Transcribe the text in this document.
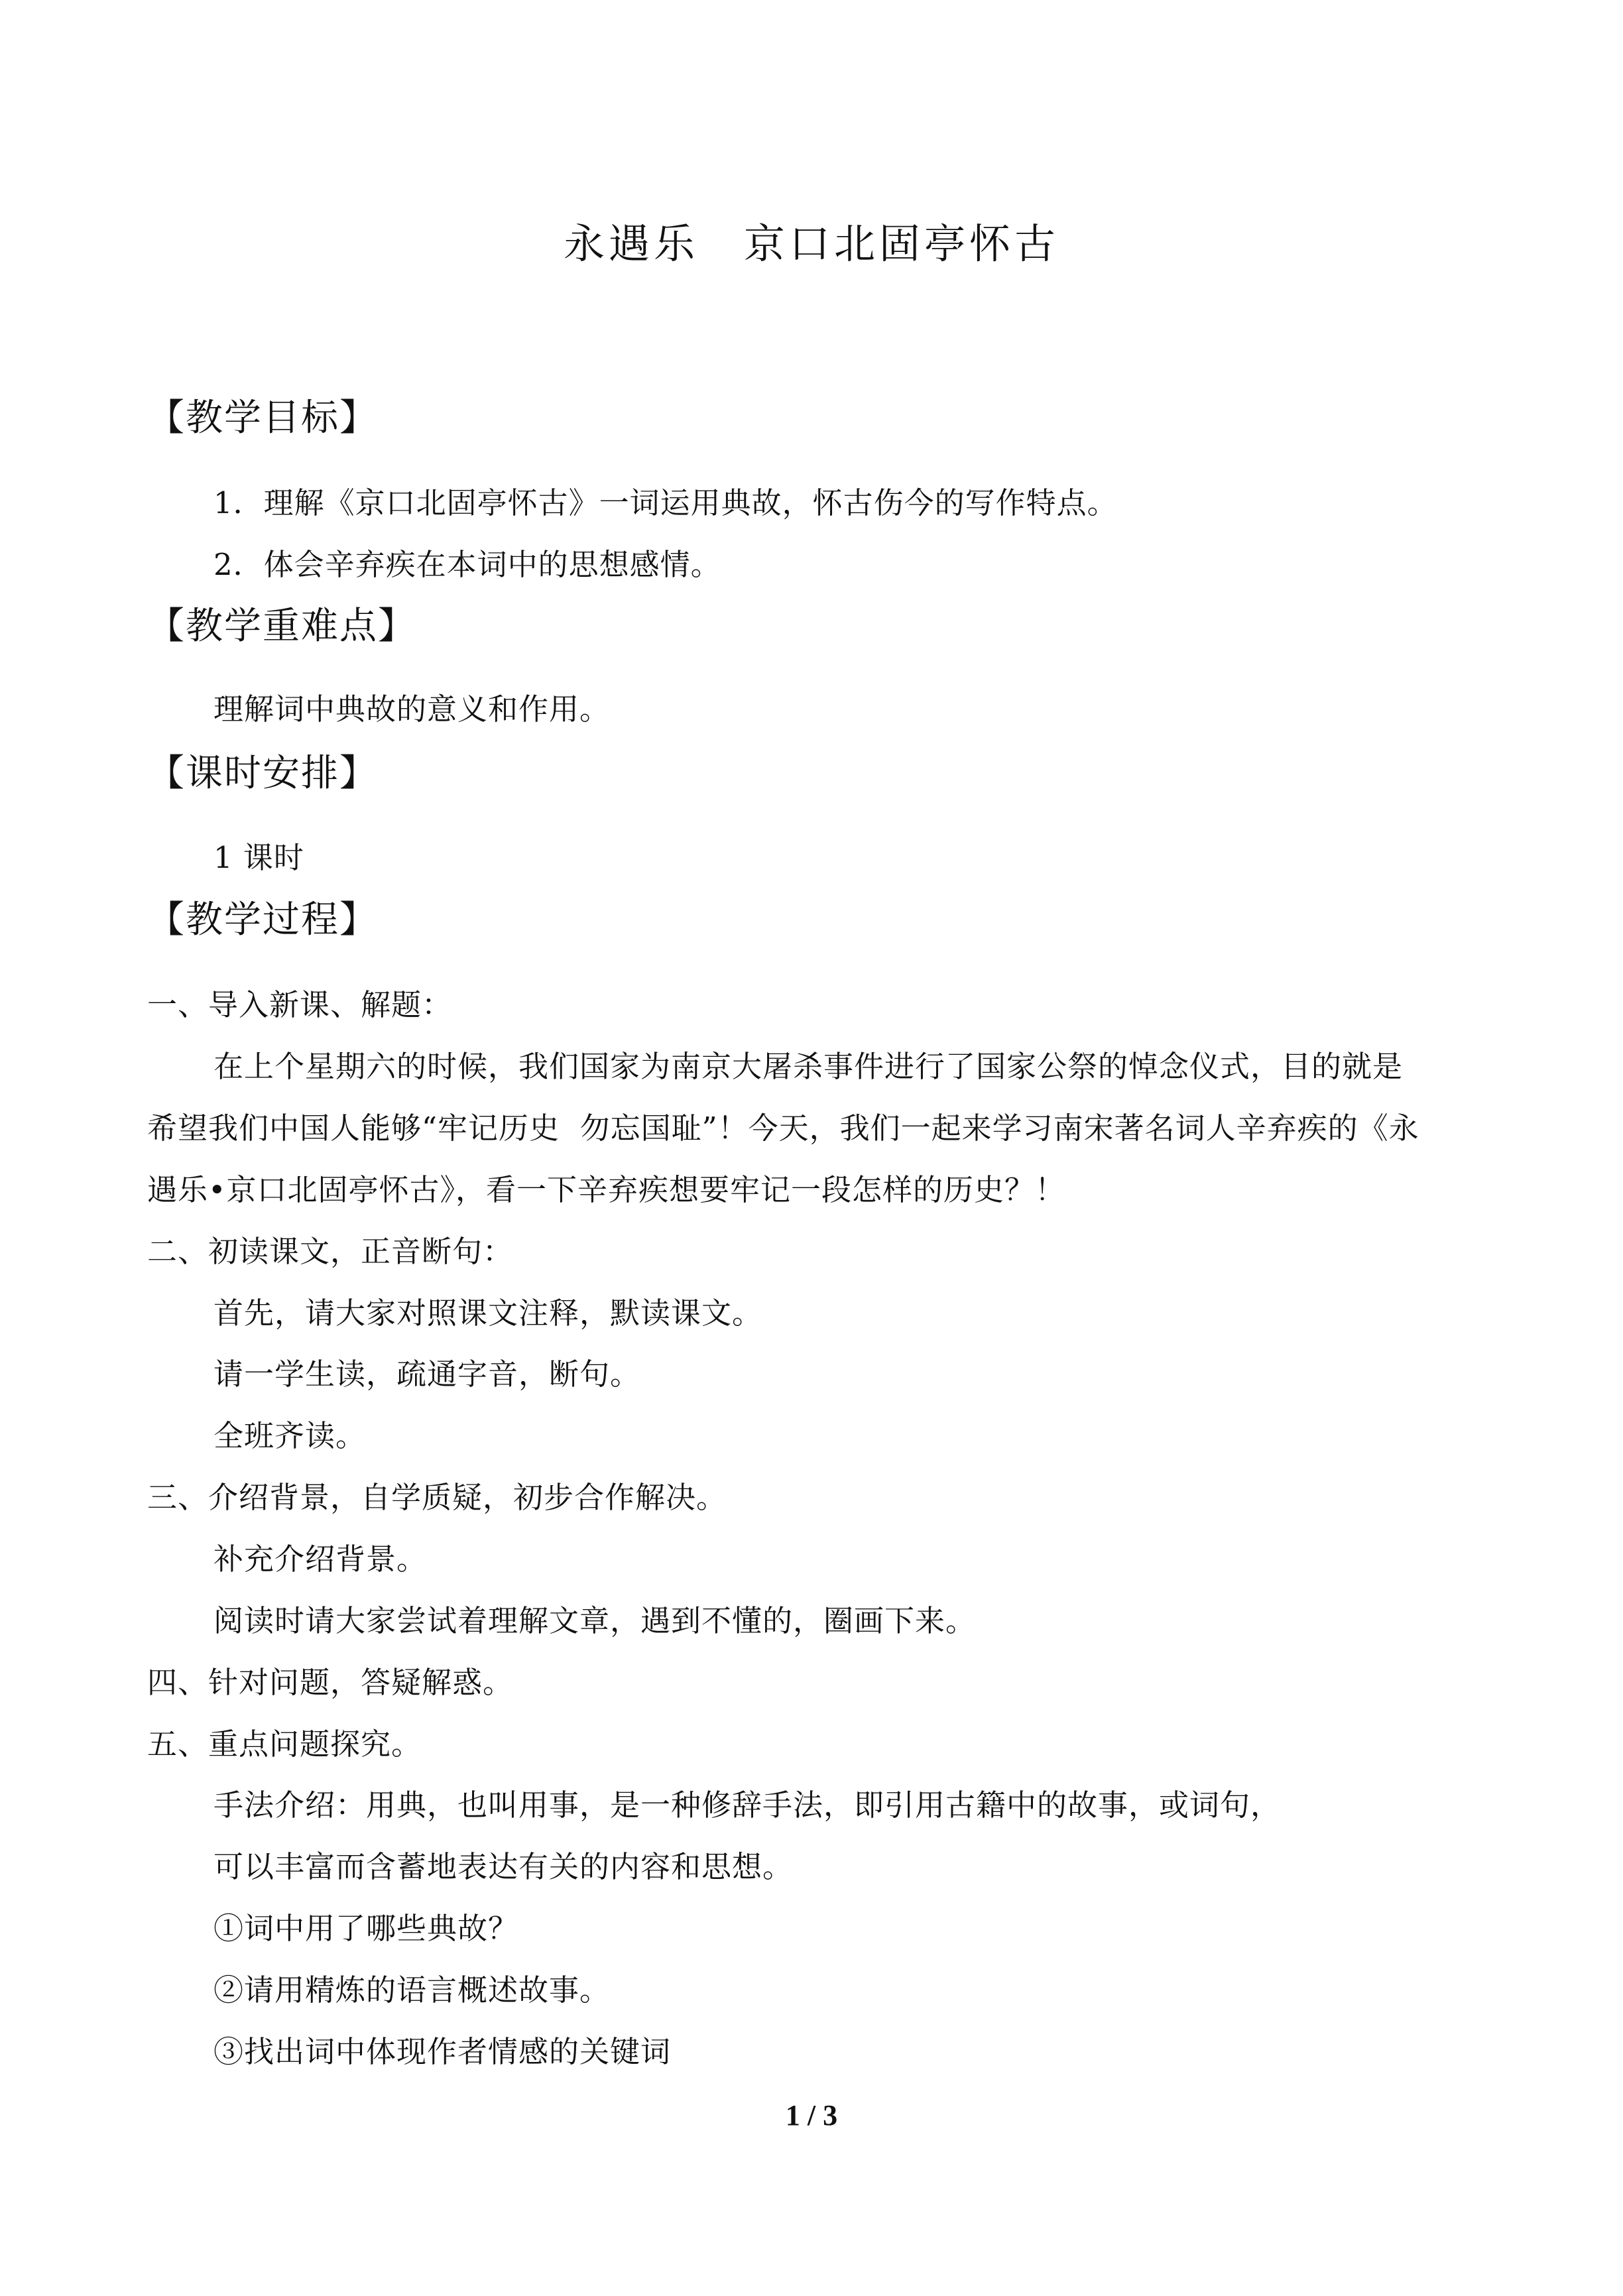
永遇乐　京口北固亭怀古
【教学目标】
1．理解《京口北固亭怀古》一词运用典故，怀古伤今的写作特点。
2．体会辛弃疾在本词中的思想感情。
【教学重难点】
理解词中典故的意义和作用。
【课时安排】
1 课时
【教学过程】
一、导入新课、解题：
在上个星期六的时候，我们国家为南京大屠杀事件进行了国家公祭的悼念仪式，目的就是
希望我们中国人能够“牢记历史  勿忘国耻”！今天，我们一起来学习南宋著名词人辛弃疾的《永
遇乐•京口北固亭怀古》，看一下辛弃疾想要牢记一段怎样的历史？！
二、初读课文，正音断句：
首先，请大家对照课文注释，默读课文。
请一学生读，疏通字音，断句。
全班齐读。
三、介绍背景，自学质疑，初步合作解决。
补充介绍背景。
阅读时请大家尝试着理解文章，遇到不懂的，圈画下来。
四、针对问题，答疑解惑。
五、重点问题探究。
手法介绍：用典，也叫用事，是一种修辞手法，即引用古籍中的故事，或词句，
可以丰富而含蓄地表达有关的内容和思想。
①词中用了哪些典故？
②请用精炼的语言概述故事。
③找出词中体现作者情感的关键词
1 / 3
